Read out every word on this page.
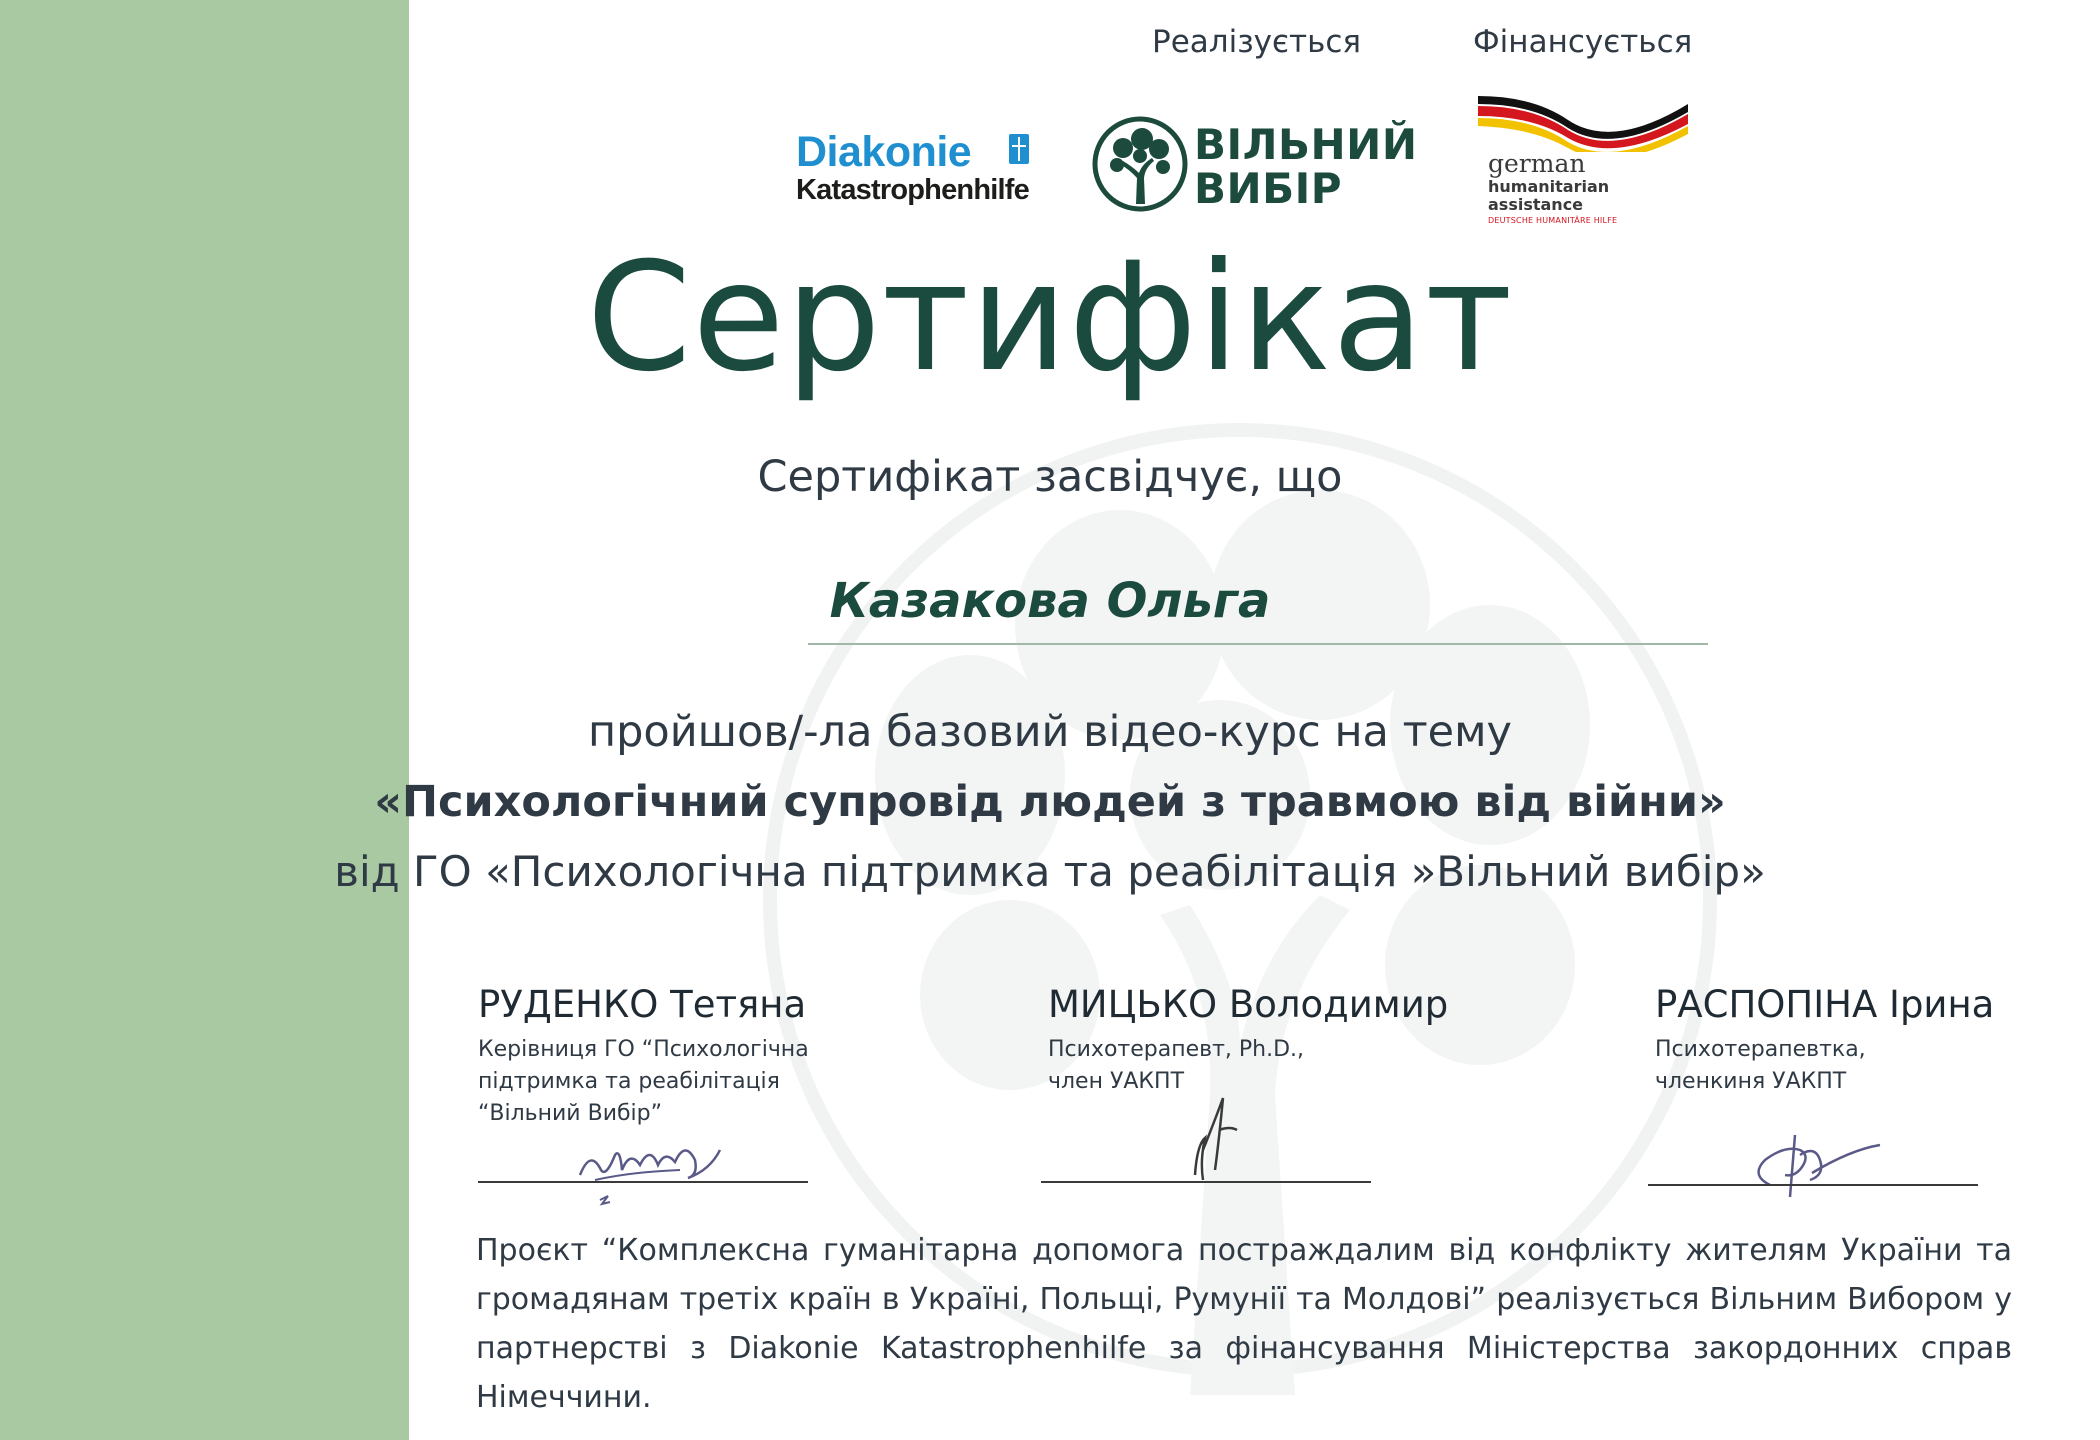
Реалізується	Фінансується
Diakonie
Katastrophenhilfe
ВІЛЬНИЙ
ВИБІР
german
humanitarian
assistance
DEUTSCHE HUMANITÄRE HILFE
Сертифікат
Сертифікат засвідчує, що
Казакова Ольга
пройшов/-ла базовий відео-курс на тему
«Психологічний супровід людей з травмою від війни»
від ГО «Психологічна підтримка та реабілітація »Вільний вибір»
РУДЕНКО Тетяна
Керівниця ГО “Психологічна
підтримка та реабілітація
“Вільний Вибір”
МИЦЬКО Володимир
Психотерапевт, Ph.D.,
член УАКПТ
РАСПОПІНА Ірина
Психотерапевтка,
членкиня УАКПТ
Проєкт “Комплексна гуманітарна допомога постраждалим від конфлікту жителям України та громадянам третіх країн в Україні, Польщі, Румунії та Молдові” реалізується Вільним Вибором у партнерстві з Diakonie Katastrophenhilfe за фінансування Міністерства закордонних справ Німеччини.
